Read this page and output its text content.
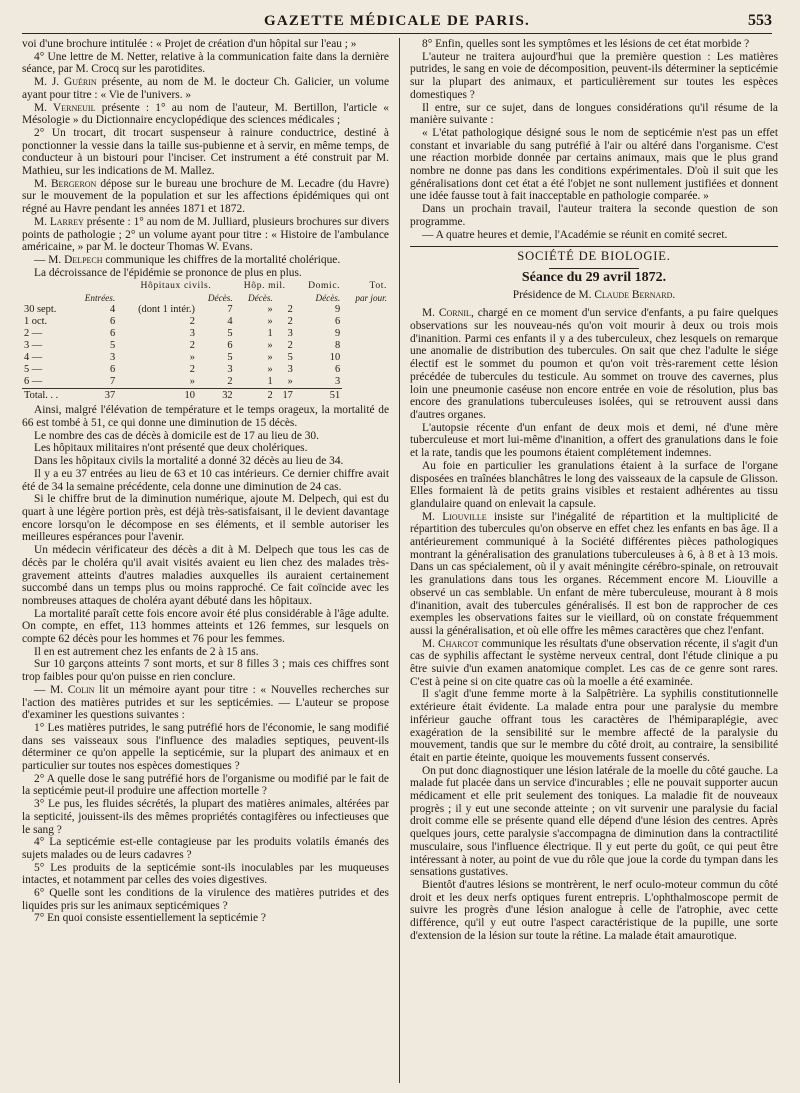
GAZETTE MÉDICALE DE PARIS.	553

voi d'une brochure intitulée : « Projet de création d'un hôpital sur l'eau ; »

4° Une lettre de M. Netter, relative à la communication faite dans la dernière séance, par M. Crocq sur les parotidites.

M. J. Guérin présente, au nom de M. le docteur Ch. Galicier, un volume ayant pour titre : « Vie de l'univers. »

M. Verneuil présente : 1° au nom de l'auteur, M. Bertillon, l'article « Mésologie » du Dictionnaire encyclopédique des sciences médicales ;

2° Un trocart, dit trocart suspenseur à rainure conductrice, destiné à ponctionner la vessie dans la taille sus-pubienne et à servir, en même temps, de conducteur à un bistouri pour l'inciser. Cet instrument a été construit par M. Mathieu, sur les indications de M. Mallez.

M. Bergeron dépose sur le bureau une brochure de M. Lecadre (du Havre) sur le mouvement de la population et sur les affections épidémiques qui ont régné au Havre pendant les années 1871 et 1872.

M. Larrey présente : 1° au nom de M. Julliard, plusieurs brochures sur divers points de pathologie ; 2° un volume ayant pour titre : « Histoire de l'ambulance américaine, » par M. le docteur Thomas W. Evans.

— M. Delpech communique les chiffres de la mortalité cholérique.

La décroissance de l'épidémie se prononce de plus en plus.

		Hôpitaux civils.		Hôp. mil.		Domic.	Tot.
	Entrées.		Décès.	Décès.		Décès.	par jour.
30 sept.	4	(dont 1 intér.)	7	»	2	9	
1 oct.	6	2	4	»	2	6	
2 —	6	3	5	1	3	9	
3 —	5	2	6	»	2	8	
4 —	3	»	5	»	5	10	
5 —	6	2	3	»	3	6	
6 —	7	»	2	1	»	3	
Total. . .	37	10	32	2	17	51	

Ainsi, malgré l'élévation de température et le temps orageux, la mortalité de 66 est tombé à 51, ce qui donne une diminution de 15 décès.

Le nombre des cas de décès à domicile est de 17 au lieu de 30.

Les hôpitaux militaires n'ont présenté que deux cholériques.

Dans les hôpitaux civils la mortalité a donné 32 décès au lieu de 34.

Il y a eu 37 entrées au lieu de 63 et 10 cas intérieurs. Ce dernier chiffre avait été de 34 la semaine précédente, cela donne une diminution de 24 cas.

Si le chiffre brut de la diminution numérique, ajoute M. Delpech, qui est du quart à une légère portion près, est déjà très-satisfaisant, il le devient davantage encore lorsqu'on le décompose en ses éléments, et il semble autoriser les meilleures espérances pour l'avenir.

Un médecin vérificateur des décès a dit à M. Delpech que tous les cas de décès par le choléra qu'il avait visités avaient eu lien chez des malades très-gravement atteints d'autres maladies auxquelles ils auraient certainement succombé dans un temps plus ou moins rapproché. Ce fait coïncide avec les nombreuses attaques de choléra ayant débuté dans les hôpitaux.

La mortalité paraît cette fois encore avoir été plus considérable à l'âge adulte. On compte, en effet, 113 hommes atteints et 126 femmes, sur lesquels on compte 62 décès pour les hommes et 76 pour les femmes.

Il en est autrement chez les enfants de 2 à 15 ans.

Sur 10 garçons atteints 7 sont morts, et sur 8 filles 3 ; mais ces chiffres sont trop faibles pour qu'on puisse en rien conclure.

— M. Colin lit un mémoire ayant pour titre : « Nouvelles recherches sur l'action des matières putrides et sur les septicémies. — L'auteur se propose d'examiner les questions suivantes :

1° Les matières putrides, le sang putréfié hors de l'économie, le sang modifié dans ses vaisseaux sous l'influence des maladies septiques, peuvent-ils déterminer ce qu'on appelle la septicémie, sur la plupart des animaux et en particulier sur toutes nos espèces domestiques ?

2° A quelle dose le sang putréfié hors de l'organisme ou modifié par le fait de la septicémie peut-il produire une affection mortelle ?

3° Le pus, les fluides sécrétés, la plupart des matières animales, altérées par la septicité, jouissent-ils des mêmes propriétés contagifères ou infectieuses que le sang ?

4° La septicémie est-elle contagieuse par les produits volatils émanés des sujets malades ou de leurs cadavres ?

5° Les produits de la septicémie sont-ils inoculables par les muqueuses intactes, et notamment par celles des voies digestives.

6° Quelle sont les conditions de la virulence des matières putrides et des liquides pris sur les animaux septicémiques ?

7° En quoi consiste essentiellement la septicémie ?

8° Enfin, quelles sont les symptômes et les lésions de cet état morbide ?

L'auteur ne traitera aujourd'hui que la première question : Les matières putrides, le sang en voie de décomposition, peuvent-ils déterminer la septicémie sur la plupart des animaux, et particulièrement sur toutes les espèces domestiques ?

Il entre, sur ce sujet, dans de longues considérations qu'il résume de la manière suivante :

« L'état pathologique désigné sous le nom de septicémie n'est pas un effet constant et invariable du sang putréfié à l'air ou altéré dans l'organisme. C'est une réaction morbide donnée par certains animaux, mais que le plus grand nombre ne donne pas dans les conditions expérimentales. D'où il suit que les généralisations dont cet état a été l'objet ne sont nullement justifiées et donnent une idée fausse tout à fait inacceptable en pathologie comparée. »

Dans un prochain travail, l'auteur traitera la seconde question de son programme.

— A quatre heures et demie, l'Académie se réunit en comité secret.

SOCIÉTÉ DE BIOLOGIE.
Séance du 29 avril 1872.
Présidence de M. Claude Bernard.

M. Cornil, chargé en ce moment d'un service d'enfants, a pu faire quelques observations sur les nouveau-nés qu'on voit mourir à deux ou trois mois d'inanition. Parmi ces enfants il y a des tuberculeux, chez lesquels on remarque une anomalie de distribution des tubercules. On sait que chez l'adulte le siége électif est le sommet du poumon et qu'on voit très-rarement cette lésion précédée de tubercules du testicule. Au sommet on trouve des cavernes, plus loin une pneumonie caséuse non encore entrée en voie de résolution, plus bas encore des granulations tuberculeuses isolées, qui se retrouvent aussi dans d'autres organes.

L'autopsie récente d'un enfant de deux mois et demi, né d'une mère tuberculeuse et mort lui-même d'inanition, a offert des granulations dans le foie et la rate, tandis que les poumons étaient complétement indemnes.

Au foie en particulier les granulations étaient à la surface de l'organe disposées en traînées blanchâtres le long des vaisseaux de la capsule de Glisson. Elles formaient là de petits grains visibles et restaient adhérentes au tissu glandulaire quand on enlevait la capsule.

M. Liouville insiste sur l'inégalité de répartition et la multiplicité de répartition des tubercules qu'on observe en effet chez les enfants en bas âge. Il a antérieurement communiqué à la Société différentes pièces pathologiques montrant la généralisation des granulations tuberculeuses à 6, à 8 et à 13 mois. Dans un cas spécialement, où il y avait méningite cérébro-spinale, on retrouvait les granulations dans tous les organes. Récemment encore M. Liouville a observé un cas semblable. Un enfant de mère tuberculeuse, mourant à 8 mois d'inanition, avait des tubercules généralisés. Il est bon de rapprocher de ces exemples les observations faites sur le vieillard, où on constate fréquemment aussi la généralisation, et où elle offre les mêmes caractères que chez l'enfant.

M. Charcot communique les résultats d'une observation récente, il s'agit d'un cas de syphilis affectant le système nerveux central, dont l'étude clinique a pu être suivie d'un examen anatomique complet. Les cas de ce genre sont rares. C'est à peine si on cite quatre cas où la moelle a été examinée.

Il s'agit d'une femme morte à la Salpêtrière. La syphilis constitutionnelle extérieure était évidente. La malade entra pour une paralysie du membre inférieur gauche offrant tous les caractères de l'hémiparaplégie, avec exagération de la sensibilité sur le membre affecté de la paralysie du mouvement, tandis que sur le membre du côté droit, au contraire, la sensibilité était en partie éteinte, quoique les mouvements fussent conservés.

On put donc diagnostiquer une lésion latérale de la moelle du côté gauche. La malade fut placée dans un service d'incurables ; elle ne pouvait supporter aucun médicament et elle prit seulement des toniques. La maladie fit de nouveaux progrès ; il y eut une seconde atteinte ; on vit survenir une paralysie du facial droit comme elle se présente quand elle dépend d'une lésion des centres. Après quelques jours, cette paralysie s'accompagna de diminution dans la contractilité musculaire, sous l'influence électrique. Il y eut perte du goût, ce qui peut être intéressant à noter, au point de vue du rôle que joue la corde du tympan dans les sensations gustatives.

Bientôt d'autres lésions se montrèrent, le nerf oculo-moteur commun du côté droit et les deux nerfs optiques furent entrepris. L'ophthalmoscope permit de suivre les progrès d'une lésion analogue à celle de l'atrophie, avec cette différence, qu'il y eut outre l'aspect caractéristique de la pupille, une sorte d'extension de la lésion sur toute la rétine. La malade était amaurotique.
